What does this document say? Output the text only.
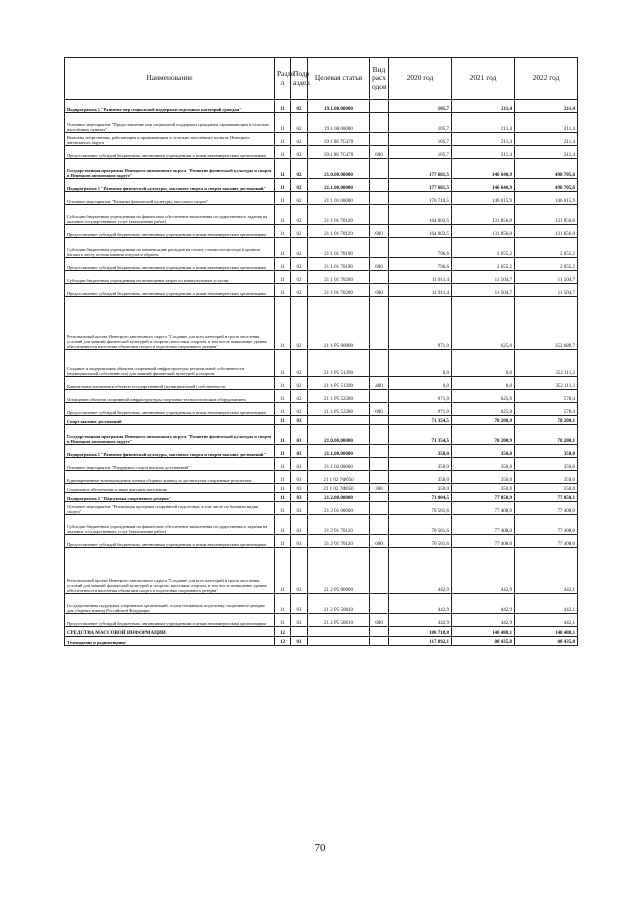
Наименование	Разде л	Подр аздел	Целевая статья	Вид расх одов	2020 год	2021 год	2022 год
Подпрограмма 1 "Развитие мер социальной поддержки отдельных категорий граждан"	11	02	19.1.00.00000		105,7	211,4	211,4
Основное мероприятие "Предоставление мер социальной поддержки гражданам, проживающим в сельских населённых пунктах"	11	02	19 1 08 00000		105,7	211,4	211,4
Выплаты спортсменам, работающим и проживающим в сельских населённых пунктах Ненецкого автономного округа	11	02	19 1 08 7С470		105,7	211,4	211,4
Предоставление субсидий бюджетным, автономным учреждениям и иным некоммерческим организациям	11	02	19.1 08 7С470	600	105,7	211,4	211,4
Государственная программа Ненецкого автономного округа "Развитие физической культуры и спорта в Ненецком автономном округе"	11	02	21.0.00.00000		177 681,5	146 640,9	498 705,6
Подпрограмма 1 "Развитие физической культуры, массового спорта и спорта высших достижений"	11	02	21.1.00.00000		177 681,5	146 640,9	498 705,6
Основное мероприятие "Развитие физической культуры, массового спорта"	11	02	21 1 01 00000		176 710,5	146 015,9	146 015,9
Субсидии бюджетным учреждениям на финансовое обеспечение выполнения государственного задания на оказание государственных услуг (выполнение работ)	11	02	21 1 01 70120		164 002,5	131 856,0	131 856,0
Предоставление субсидий бюджетным, автономным учреждениям и иным некоммерческим организациям	11	02	21 1 01 70120	600	164 002,5	131 856,0	131 856,0
Субсидии бюджетным учреждениям на компенсацию расходов на оплату стоимости проезда и провоза багажа к месту использования отпуска и обратно	11	02	21 1 01 70190		796,6	2 655,2	2 655,2
Предоставление субсидий бюджетным, автономным учреждениям и иным некоммерческим организациям	11	02	21 1.01 70190	600	796,6	2 655,2	2 655,2
Субсидии бюджетным учреждениям на возмещение затрат по коммунальным услугам	11	02	21 1 01 70200		11 911,4	11 504,7	11 504,7
Предоставление субсидий бюджетным, автономным учреждениям и иным некоммерческим организациям	11	02	21 1 01 70200	600	11 911,4	11 504,7	11 504,7
Региональный проект Ненецкого автономного округа "Создание для всех категорий и групп населения условий для занятий физической культурой и спортом, массовым спортом, в том числе повышение уровня обеспеченности населения объектами спорта и подготовка спортивного резерва"	11	02	21 1 P5 00000		971,0	625,0	352 689,7
Создание и модернизация объектов спортивной инфраструктуры региональной собственности (муниципальной собственности) для занятий физической культурой и спортом	11	02	21 1 P5 51390		0,0	0,0	352 111,3
Капитальные вложения в объекты государственной (муниципальной) собственности	11	02	21 1 P5 51390	400	0,0	0,0	352 111,3
Оснащение объектов спортивной инфраструктуры спортивно-технологическим оборудованием	11	02	21 1 P5 52280		971,0	625,0	578,4
Предоставление субсидий бюджетным, автономным учреждениям и иным некоммерческим организациям	11	02	21 1 P5 52280	600	971,0	625,0	578,4
Спорт высших достижений	11	03			71 354,5	78 200,9	78 200,1
Государственная программа Ненецкого автономного округа "Развитие физической культуры и спорта в Ненецком автономном округе"	11	03	21.0.00.00000		71 354,5	78 200,9	78 200,1
Подпрограмма 1 "Развитие физической культуры, массового спорта и спорта высших достижений"	11	03	21.1.00.00000		350,0	350,0	350,0
Основное мероприятие "Поддержка спорта высших достижений"	11	03	21 1 02 00000		350,0	350,0	350,0
Единовременные вознаграждения членам сборных команд за достигнутые спортивные результаты	11	03	21 1 02 7Ф050		350,0	350,0	350,0
Социальное обеспечение и иные выплаты населению	11	03	21 1 02 7Ф050	300	350,0	350,0	350,0
Подпрограмма 2 "Подготовка спортивного резерва"	11	03	21.2.00.00000		71 004,5	77 850,9	77 850,1
Основное мероприятие "Реализация программ спортивной подготовки, в том числе по базовым видам спорта"	11	03	21 2 01 00000		70 561,6	77 408,0	77 408,0
Субсидии бюджетным учреждениям на финансовое обеспечение выполнения государственного задания на оказание государственных услуг (выполнение работ)	11	03	21 2 01 70120		70 561,6	77 408,0	77 408,0
Предоставление субсидий бюджетным, автономным учреждениям и иным некоммерческим организациям	11	03	21 2 01 70120	600	70 561,6	77 408,0	77 408,0
Региональный проект Ненецкого автономного округа "Создание для всех категорий и групп населения условий для занятий физической культурой и спортом, массовым спортом, в том числе повышение уровня обеспеченности населения объектами спорта и подготовка спортивного резерва"	11	03	21 2 P5 00000		442,9	442,9	442,1
Государственная поддержка спортивных организаций, осуществляющих подготовку спортивного резерва для сборных команд Российской Федерации	11	03	21 2 P5 50810		442,9	442,9	442,1
Предоставление субсидий бюджетным, автономным учреждениям и иным некоммерческим организациям	11	03	21 2 P5 50810	600	442,9	442,9	442,1
СРЕДСТВА МАССОВОЙ ИНФОРМАЦИИ	12				180 718,8	148 488,1	148 488,1
Телевидение и радиовещание	12	01			117 892,1	88 435,8	88 435,8
70
